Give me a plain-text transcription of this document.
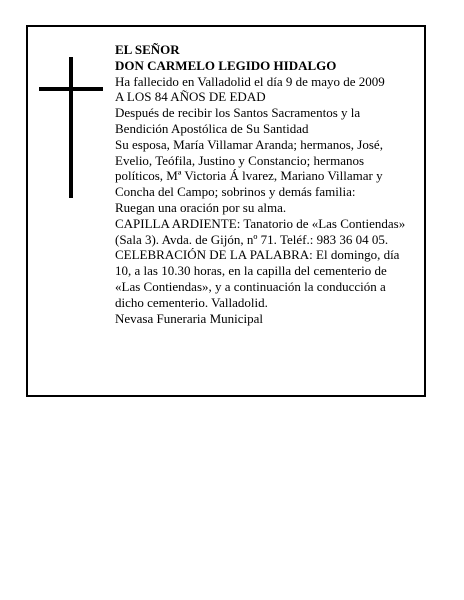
EL SEÑOR
DON CARMELO LEGIDO HIDALGO
Ha fallecido en Valladolid el día 9 de mayo de 2009
A LOS 84 AÑOS DE EDAD
Después de recibir los Santos Sacramentos y la
Bendición Apostólica de Su Santidad
Su esposa, María Villamar Aranda; hermanos, José,
Evelio, Teófila, Justino y Constancio; hermanos
políticos, Mª Victoria Á lvarez, Mariano Villamar y
Concha del Campo; sobrinos y demás familia:
Ruegan una oración por su alma.
CAPILLA ARDIENTE: Tanatorio de «Las Contiendas»
(Sala 3). Avda. de Gijón, nº 71. Teléf.: 983 36 04 05.
CELEBRACIÓN DE LA PALABRA: El domingo, día
10, a las 10.30 horas, en la capilla del cementerio de
«Las Contiendas», y a continuación la conducción a
dicho cementerio. Valladolid.
Nevasa Funeraria Municipal
